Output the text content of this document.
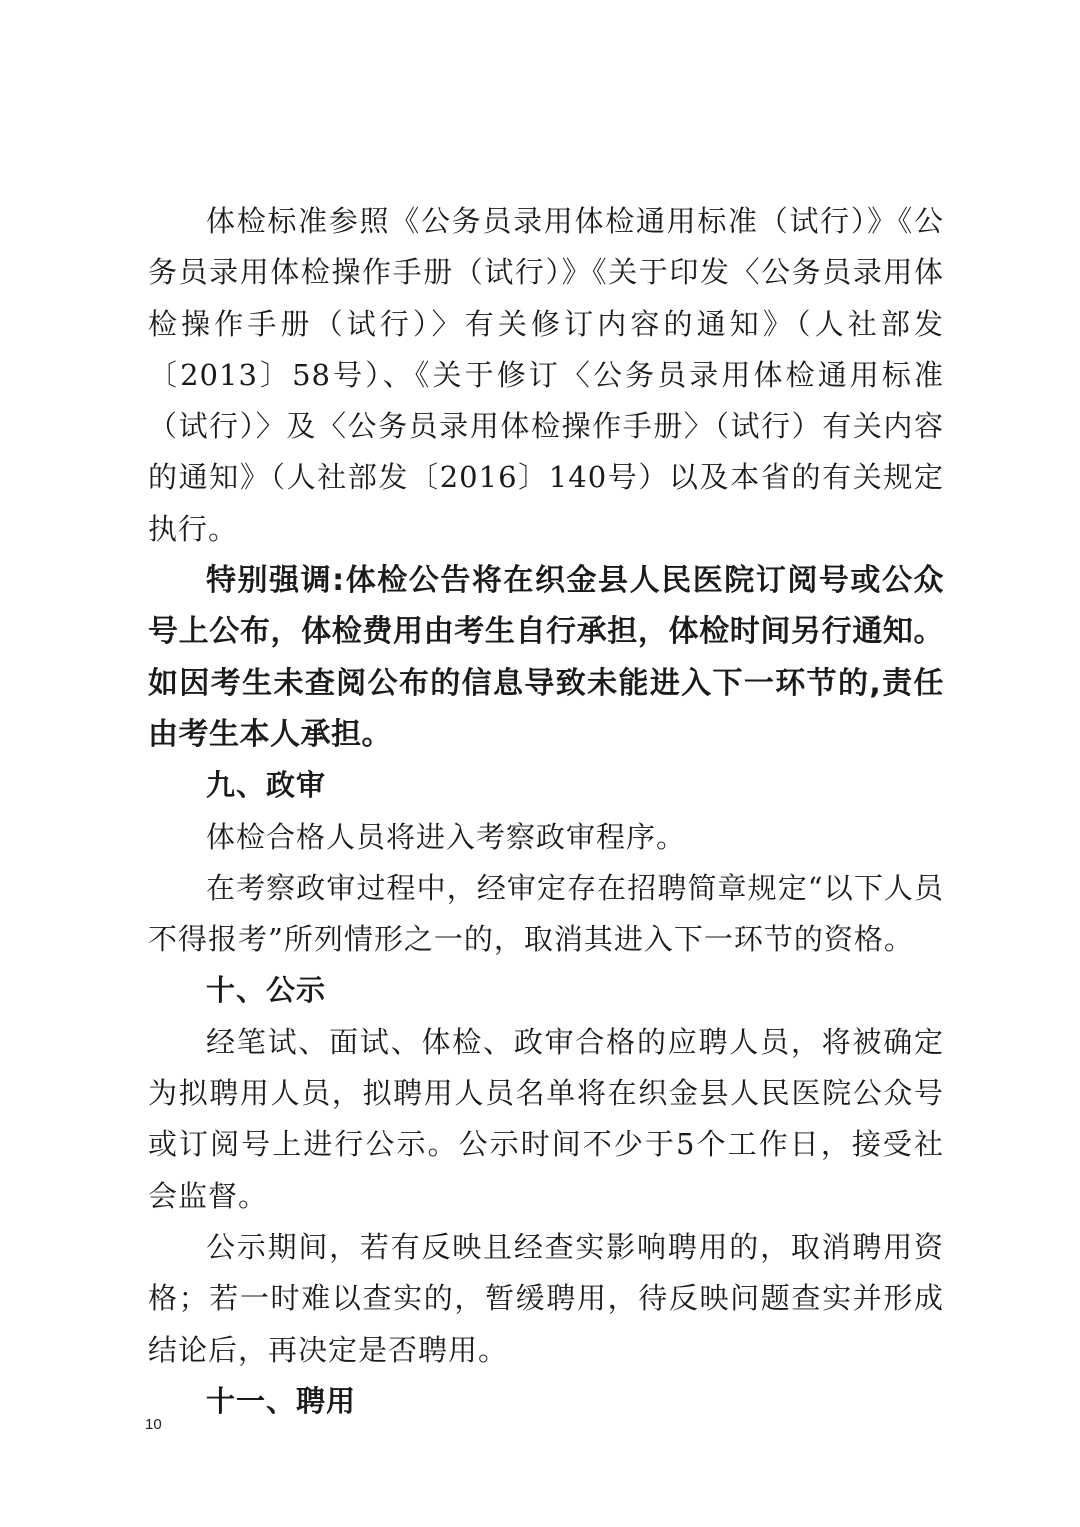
体检标准参照《公务员录用体检通用标准（试行）》《公务员录用体检操作手册（试行）》《关于印发〈公务员录用体检操作手册（试行）〉有关修订内容的通知》（人社部发〔2013〕58号）、《关于修订〈公务员录用体检通用标准（试行）〉及〈公务员录用体检操作手册〉（试行）有关内容的通知》（人社部发〔2016〕140号）以及本省的有关规定执行。

特别强调:体检公告将在织金县人民医院订阅号或公众号上公布，体检费用由考生自行承担，体检时间另行通知。如因考生未查阅公布的信息导致未能进入下一环节的,责任由考生本人承担。

九、政审

体检合格人员将进入考察政审程序。

在考察政审过程中，经审定存在招聘简章规定“以下人员不得报考”所列情形之一的，取消其进入下一环节的资格。

十、公示

经笔试、面试、体检、政审合格的应聘人员，将被确定为拟聘用人员，拟聘用人员名单将在织金县人民医院公众号或订阅号上进行公示。公示时间不少于5个工作日，接受社会监督。

公示期间，若有反映且经查实影响聘用的，取消聘用资格；若一时难以查实的，暂缓聘用，待反映问题查实并形成结论后，再决定是否聘用。

十一、聘用

10
